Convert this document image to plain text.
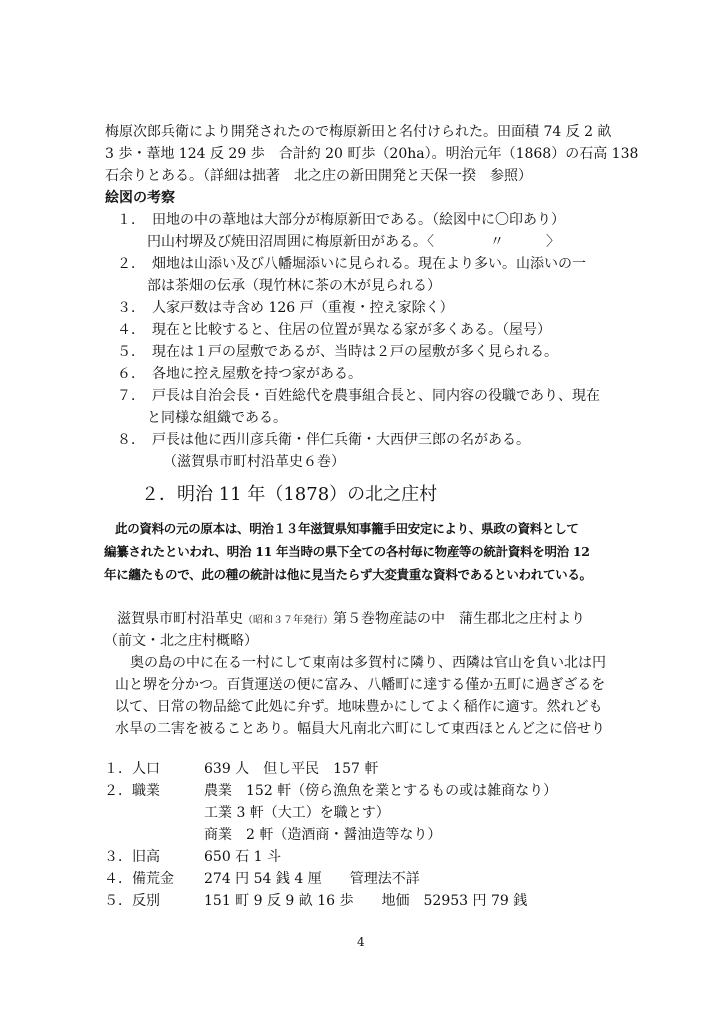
梅原次郎兵衛により開発されたので梅原新田と名付けられた。田面積 74 反 2 畝
3 歩・葦地 124 反 29 歩　合計約 20 町歩（20ha）。明治元年（1868）の石高 138
石余りとある。（詳細は拙著　北之庄の新田開発と天保一揆　参照）
絵図の考察
１．　田地の中の葦地は大部分が梅原新田である。（絵図中に〇印あり）
円山村堺及び焼田沼周囲に梅原新田がある。〈　　　　〃　　　〉
２．　畑地は山添い及び八幡堀添いに見られる。現在より多い。山添いの一
部は茶畑の伝承（現竹林に茶の木が見られる）
３．　人家戸数は寺含め 126 戸（重複・控え家除く）
４．　現在と比較すると、住居の位置が異なる家が多くある。（屋号）
５．　現在は１戸の屋敷であるが、当時は２戸の屋敷が多く見られる。
６．　各地に控え屋敷を持つ家がある。
７．　戸長は自治会長・百姓総代を農事組合長と、同内容の役職であり、現在
と同様な組織である。
８．　戸長は他に西川彦兵衛・伴仁兵衛・大西伊三郎の名がある。
（滋賀県市町村沿革史６巻）
２．明治 11 年（1878）の北之庄村
此の資料の元の原本は、明治１３年滋賀県知事籠手田安定により、県政の資料として
編纂されたといわれ、明治 11 年当時の県下全ての各村毎に物産等の統計資料を明治 12
年に纏たもので、此の種の統計は他に見当たらず大変貴重な資料であるといわれている。
滋賀県市町村沿革史（昭和３７年発行）第５巻物産誌の中　蒲生郡北之庄村より
（前文・北之庄村概略）
奥の島の中に在る一村にして東南は多賀村に隣り、西隣は官山を負い北は円
山と堺を分かつ。百貨運送の便に富み、八幡町に達する僅か五町に過ぎざるを
以て、日常の物品総て此処に弁ず。地味豊かにしてよく稲作に適す。然れども
水旱の二害を被ることあり。幅員大凡南北六町にして東西ほとんど之に倍せり
１．人口	639 人　但し平民　157 軒
２．職業	農業　152 軒（傍ら漁魚を業とするもの或は雑商なり）
工業 3 軒（大工）を職とす）
商業　2 軒（造酒商・醤油造等なり）
３．旧高	650 石 1 斗
４．備荒金 274 円 54 銭 4 厘　　管理法不詳
５．反別	151 町 9 反 9 畝 16 歩　　地価　52953 円 79 銭
4
